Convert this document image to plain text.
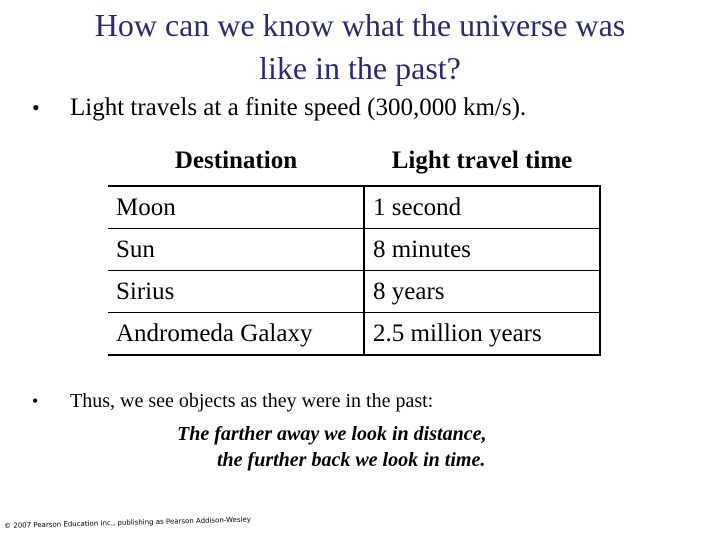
How can we know what the universe was
like in the past?
•	Light travels at a finite speed (300,000 km/s).
Destination	Light travel time
Moon	1 second
Sun	8 minutes
Sirius	8 years
Andromeda Galaxy	2.5 million years
•	Thus, we see objects as they were in the past:
The farther away we look in distance,
the further back we look in time.
© 2007 Pearson Education Inc., publishing as Pearson Addison-Wesley
